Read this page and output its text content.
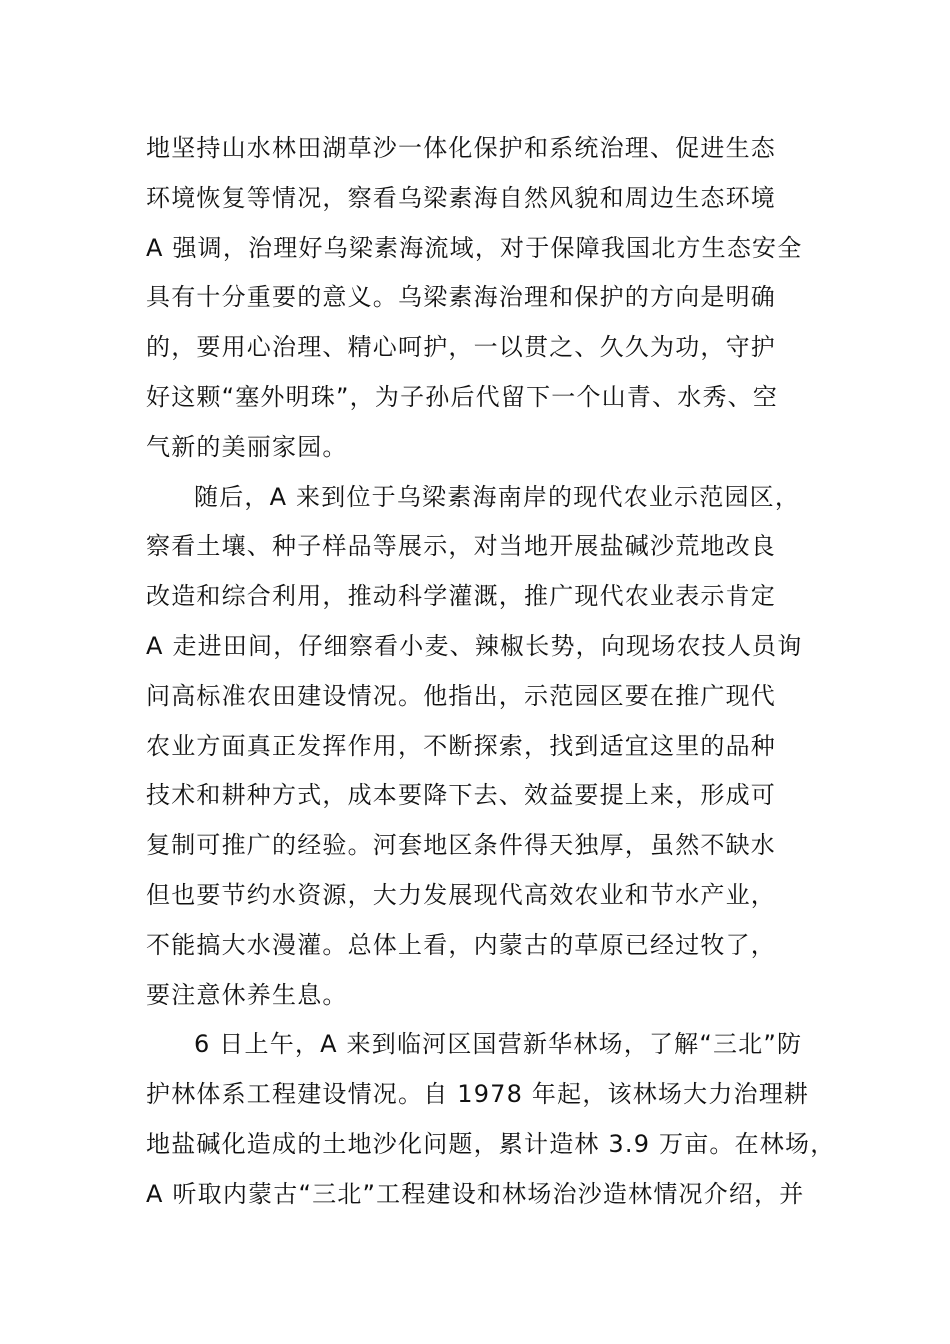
地坚持山水林田湖草沙一体化保护和系统治理、促进生态
环境恢复等情况，察看乌梁素海自然风貌和周边生态环境
A 强调，治理好乌梁素海流域，对于保障我国北方生态安全
具有十分重要的意义。乌梁素海治理和保护的方向是明确
的，要用心治理、精心呵护，一以贯之、久久为功，守护
好这颗“塞外明珠”，为子孙后代留下一个山青、水秀、空
气新的美丽家园。
随后，A 来到位于乌梁素海南岸的现代农业示范园区，
察看土壤、种子样品等展示，对当地开展盐碱沙荒地改良
改造和综合利用，推动科学灌溉，推广现代农业表示肯定
A 走进田间，仔细察看小麦、辣椒长势，向现场农技人员询
问高标准农田建设情况。他指出，示范园区要在推广现代
农业方面真正发挥作用，不断探索，找到适宜这里的品种
技术和耕种方式，成本要降下去、效益要提上来，形成可
复制可推广的经验。河套地区条件得天独厚，虽然不缺水
但也要节约水资源，大力发展现代高效农业和节水产业，
不能搞大水漫灌。总体上看，内蒙古的草原已经过牧了，
要注意休养生息。
6 日上午，A 来到临河区国营新华林场，了解“三北”防
护林体系工程建设情况。自 1978 年起，该林场大力治理耕
地盐碱化造成的土地沙化问题，累计造林 3.9 万亩。在林场，
A 听取内蒙古“三北”工程建设和林场治沙造林情况介绍，并
